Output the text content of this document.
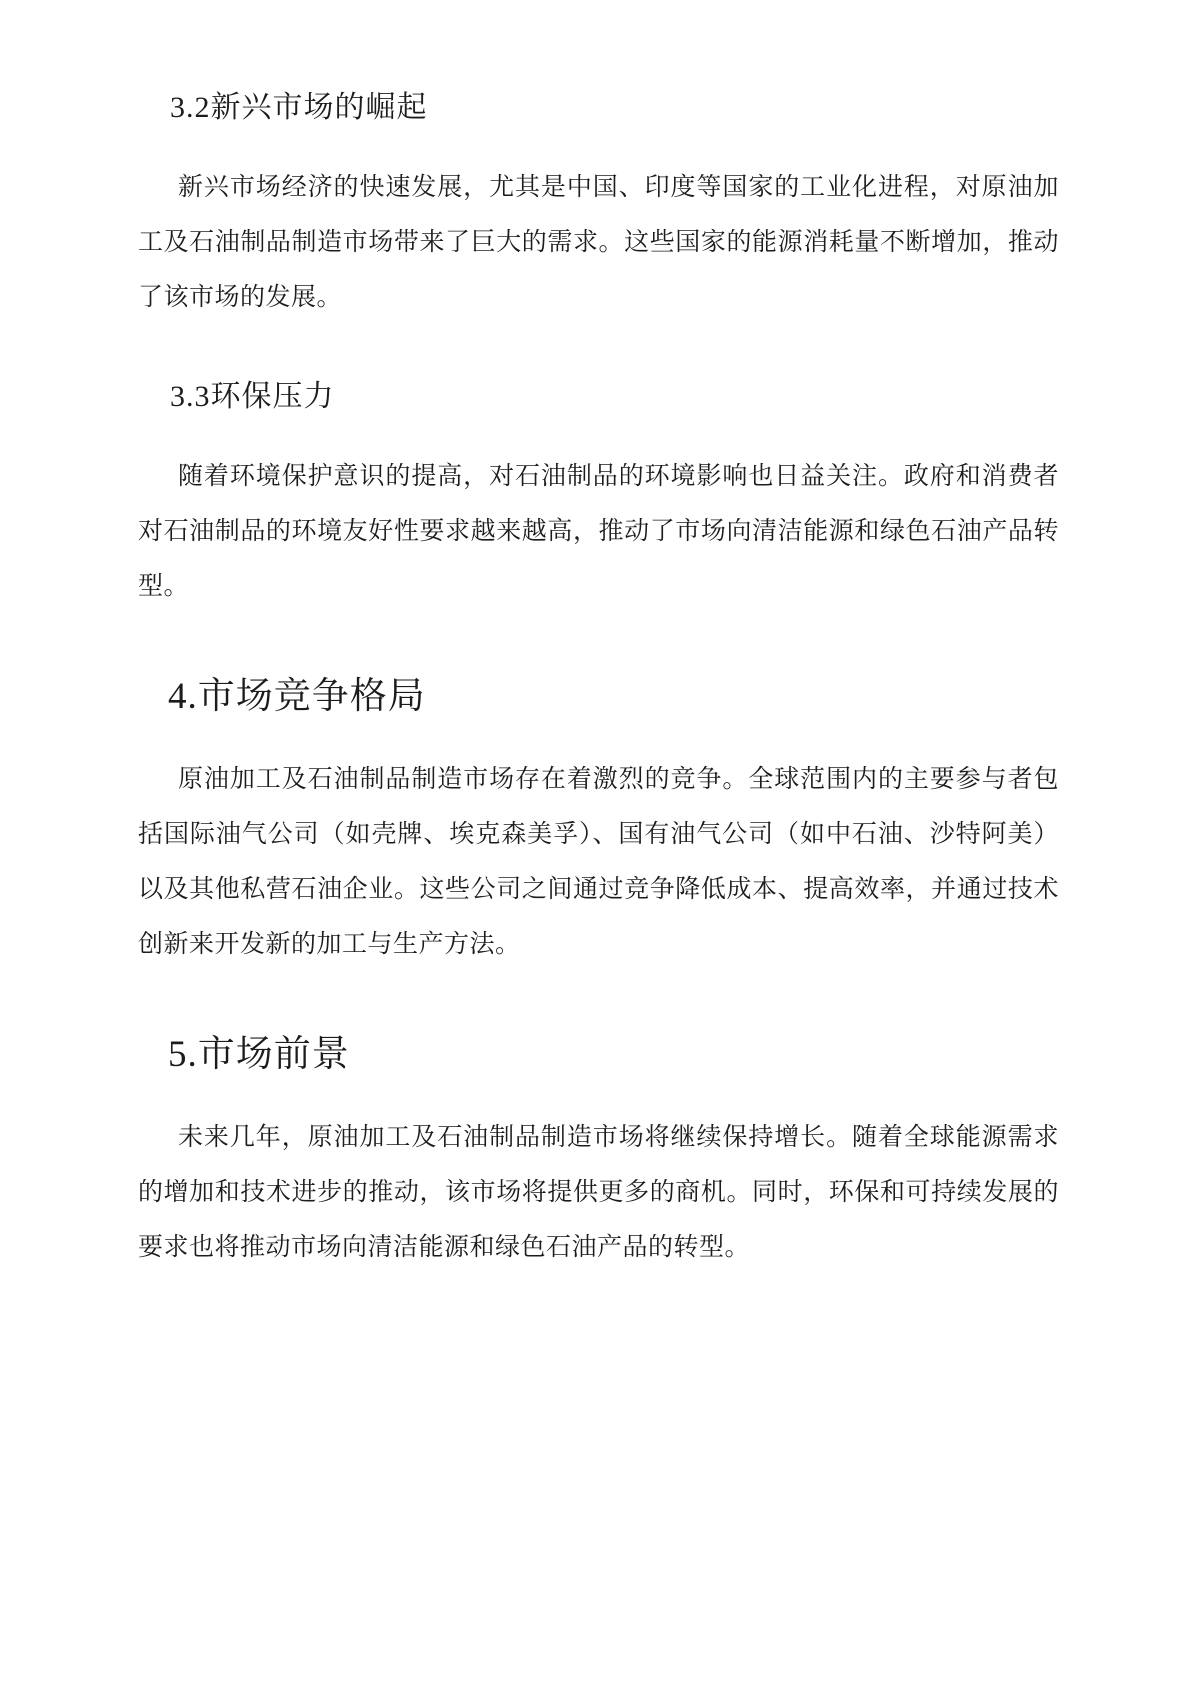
3.2新兴市场的崛起

新兴市场经济的快速发展，尤其是中国、印度等国家的工业化进程，对原油加工及石油制品制造市场带来了巨大的需求。这些国家的能源消耗量不断增加，推动了该市场的发展。

3.3环保压力

随着环境保护意识的提高，对石油制品的环境影响也日益关注。政府和消费者对石油制品的环境友好性要求越来越高，推动了市场向清洁能源和绿色石油产品转型。

4.市场竞争格局

原油加工及石油制品制造市场存在着激烈的竞争。全球范围内的主要参与者包括国际油气公司（如壳牌、埃克森美孚）、国有油气公司（如中石油、沙特阿美）以及其他私营石油企业。这些公司之间通过竞争降低成本、提高效率，并通过技术创新来开发新的加工与生产方法。

5.市场前景

未来几年，原油加工及石油制品制造市场将继续保持增长。随着全球能源需求的增加和技术进步的推动，该市场将提供更多的商机。同时，环保和可持续发展的要求也将推动市场向清洁能源和绿色石油产品的转型。
